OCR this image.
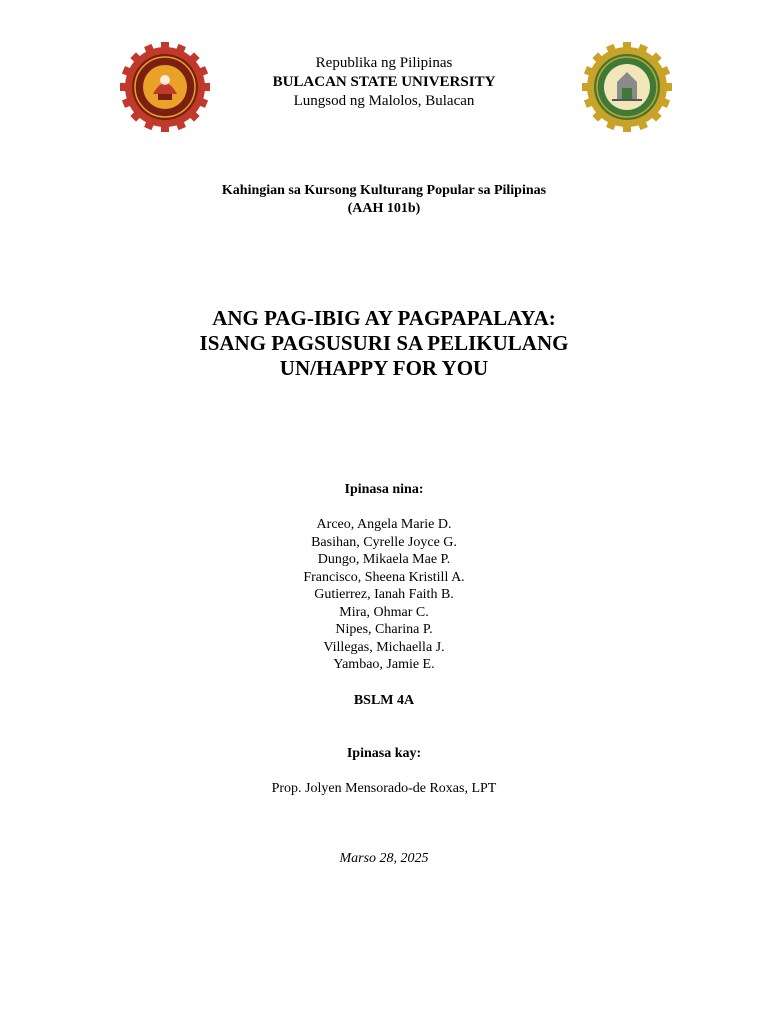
Republika ng Pilipinas
BULACAN STATE UNIVERSITY
Lungsod ng Malolos, Bulacan
Kahingian sa Kursong Kulturang Popular sa Pilipinas
(AAH 101b)
ANG PAG-IBIG AY PAGPAPALAYA:
ISANG PAGSUSURI SA PELIKULANG
UN/HAPPY FOR YOU
Ipinasa nina:
Arceo, Angela Marie D.
Basihan, Cyrelle Joyce G.
Dungo, Mikaela Mae P.
Francisco, Sheena Kristill A.
Gutierrez, Ianah Faith B.
Mira, Ohmar C.
Nipes, Charina P.
Villegas, Michaella J.
Yambao, Jamie E.
BSLM 4A
Ipinasa kay:
Prop. Jolyen Mensorado-de Roxas, LPT
Marso 28, 2025
